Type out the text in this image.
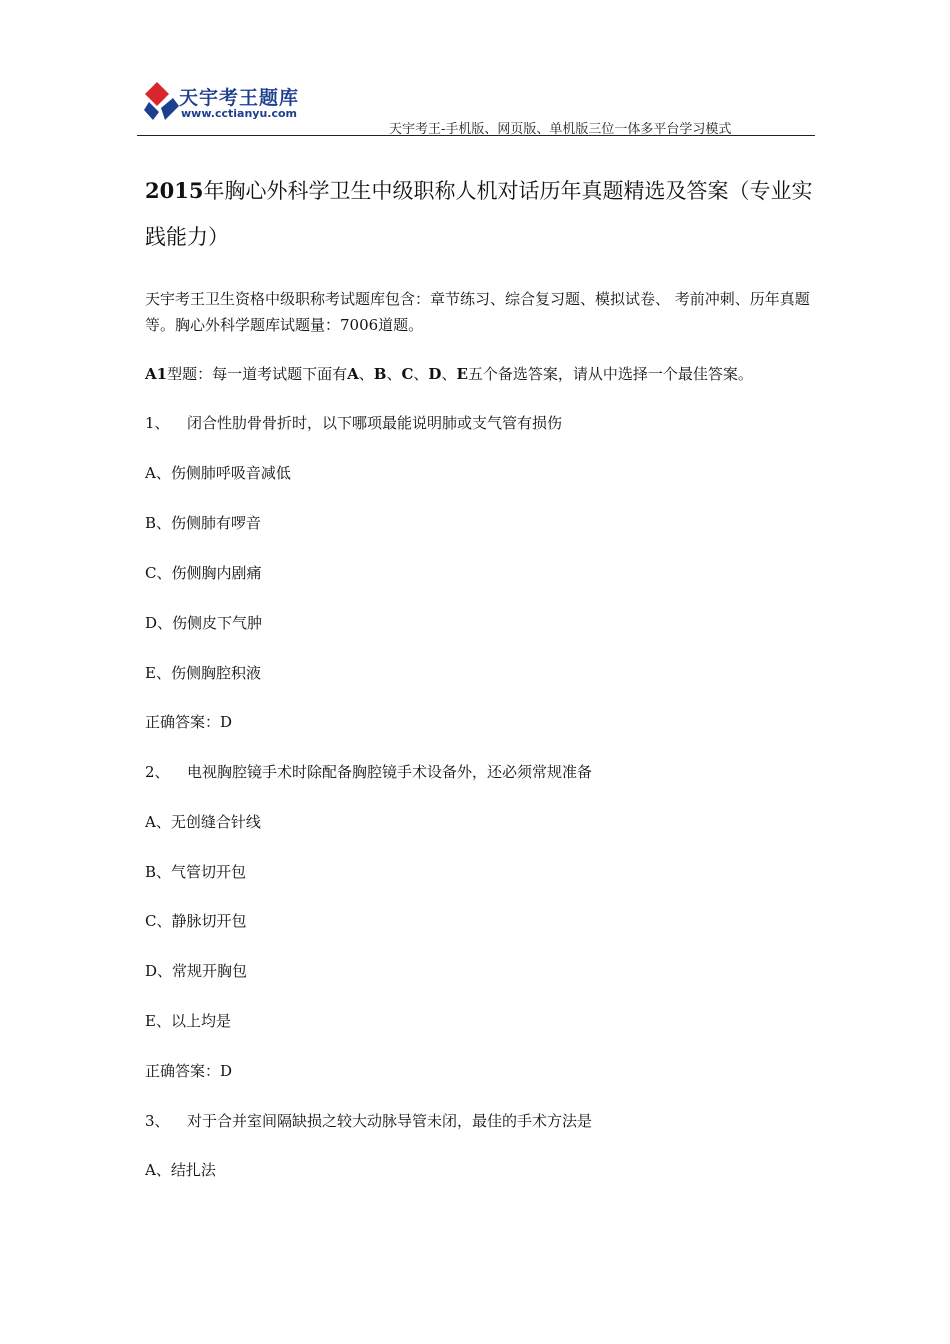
天宇考王题库
www.cctianyu.com
天宇考王-手机版、网页版、单机版三位一体多平台学习模式
2015年胸心外科学卫生中级职称人机对话历年真题精选及答案（专业实践能力）
天宇考王卫生资格中级职称考试题库包含：章节练习、综合复习题、模拟试卷、 考前冲刺、历年真题等。胸心外科学题库试题量：7006道题。
A1型题：每一道考试题下面有A、B、C、D、E五个备选答案，请从中选择一个最佳答案。
1、 闭合性肋骨骨折时，以下哪项最能说明肺或支气管有损伤
A、伤侧肺呼吸音减低
B、伤侧肺有啰音
C、伤侧胸内剧痛
D、伤侧皮下气肿
E、伤侧胸腔积液
正确答案：D
2、 电视胸腔镜手术时除配备胸腔镜手术设备外，还必须常规准备
A、无创缝合针线
B、气管切开包
C、静脉切开包
D、常规开胸包
E、以上均是
正确答案：D
3、 对于合并室间隔缺损之较大动脉导管未闭，最佳的手术方法是
A、结扎法
